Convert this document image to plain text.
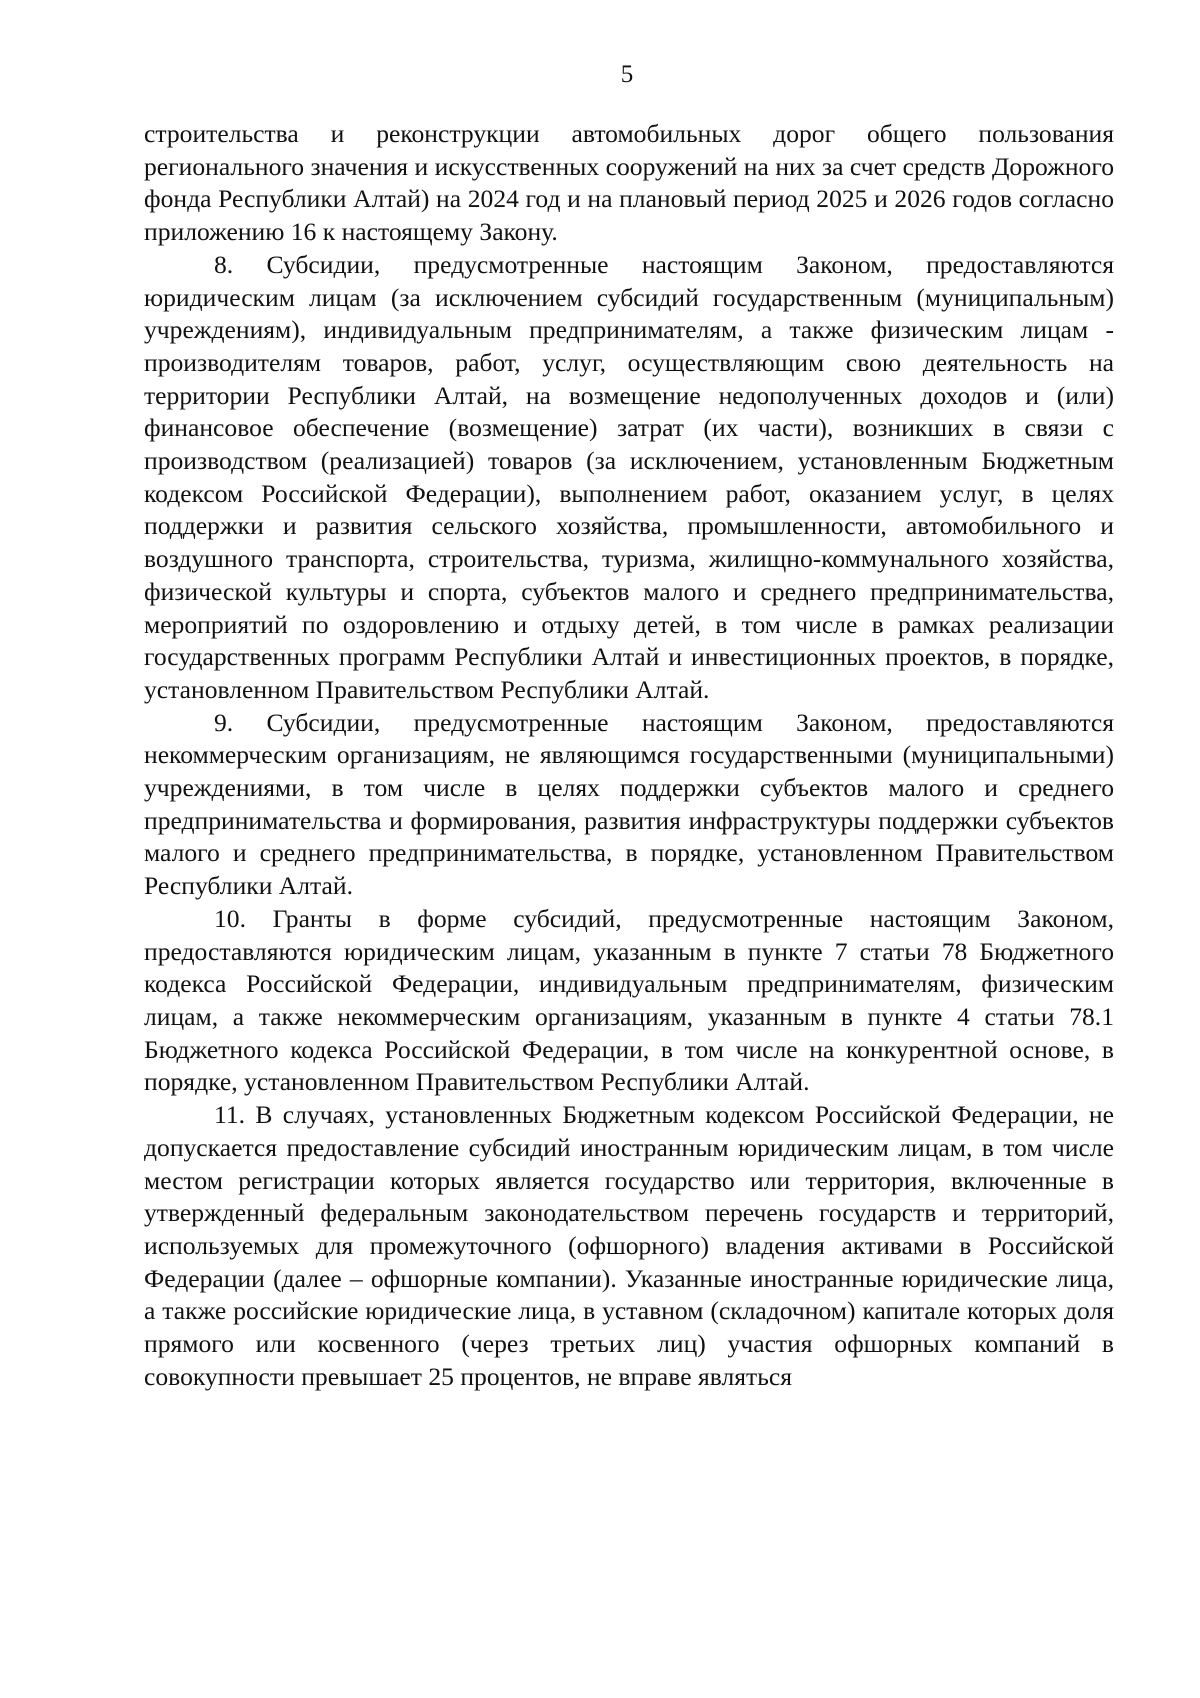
5

строительства и реконструкции автомобильных дорог общего пользования регионального значения и искусственных сооружений на них за счет средств Дорожного фонда Республики Алтай) на 2024 год и на плановый период 2025 и 2026 годов согласно приложению 16 к настоящему Закону.

8. Субсидии, предусмотренные настоящим Законом, предоставляются юридическим лицам (за исключением субсидий государственным (муниципальным) учреждениям), индивидуальным предпринимателям, а также физическим лицам - производителям товаров, работ, услуг, осуществляющим свою деятельность на территории Республики Алтай, на возмещение недополученных доходов и (или) финансовое обеспечение (возмещение) затрат (их части), возникших в связи с производством (реализацией) товаров (за исключением, установленным Бюджетным кодексом Российской Федерации), выполнением работ, оказанием услуг, в целях поддержки и развития сельского хозяйства, промышленности, автомобильного и воздушного транспорта, строительства, туризма, жилищно-коммунального хозяйства, физической культуры и спорта, субъектов малого и среднего предпринимательства, мероприятий по оздоровлению и отдыху детей, в том числе в рамках реализации государственных программ Республики Алтай и инвестиционных проектов, в порядке, установленном Правительством Республики Алтай.

9. Субсидии, предусмотренные настоящим Законом, предоставляются некоммерческим организациям, не являющимся государственными (муниципальными) учреждениями, в том числе в целях поддержки субъектов малого и среднего предпринимательства и формирования, развития инфраструктуры поддержки субъектов малого и среднего предпринимательства, в порядке, установленном Правительством Республики Алтай.

10. Гранты в форме субсидий, предусмотренные настоящим Законом, предоставляются юридическим лицам, указанным в пункте 7 статьи 78 Бюджетного кодекса Российской Федерации, индивидуальным предпринимателям, физическим лицам, а также некоммерческим организациям, указанным в пункте 4 статьи 78.1 Бюджетного кодекса Российской Федерации, в том числе на конкурентной основе, в порядке, установленном Правительством Республики Алтай.

11. В случаях, установленных Бюджетным кодексом Российской Федерации, не допускается предоставление субсидий иностранным юридическим лицам, в том числе местом регистрации которых является государство или территория, включенные в утвержденный федеральным законодательством перечень государств и территорий, используемых для промежуточного (офшорного) владения активами в Российской Федерации (далее – офшорные компании). Указанные иностранные юридические лица, а также российские юридические лица, в уставном (складочном) капитале которых доля прямого или косвенного (через третьих лиц) участия офшорных компаний в совокупности превышает 25 процентов, не вправе являться
